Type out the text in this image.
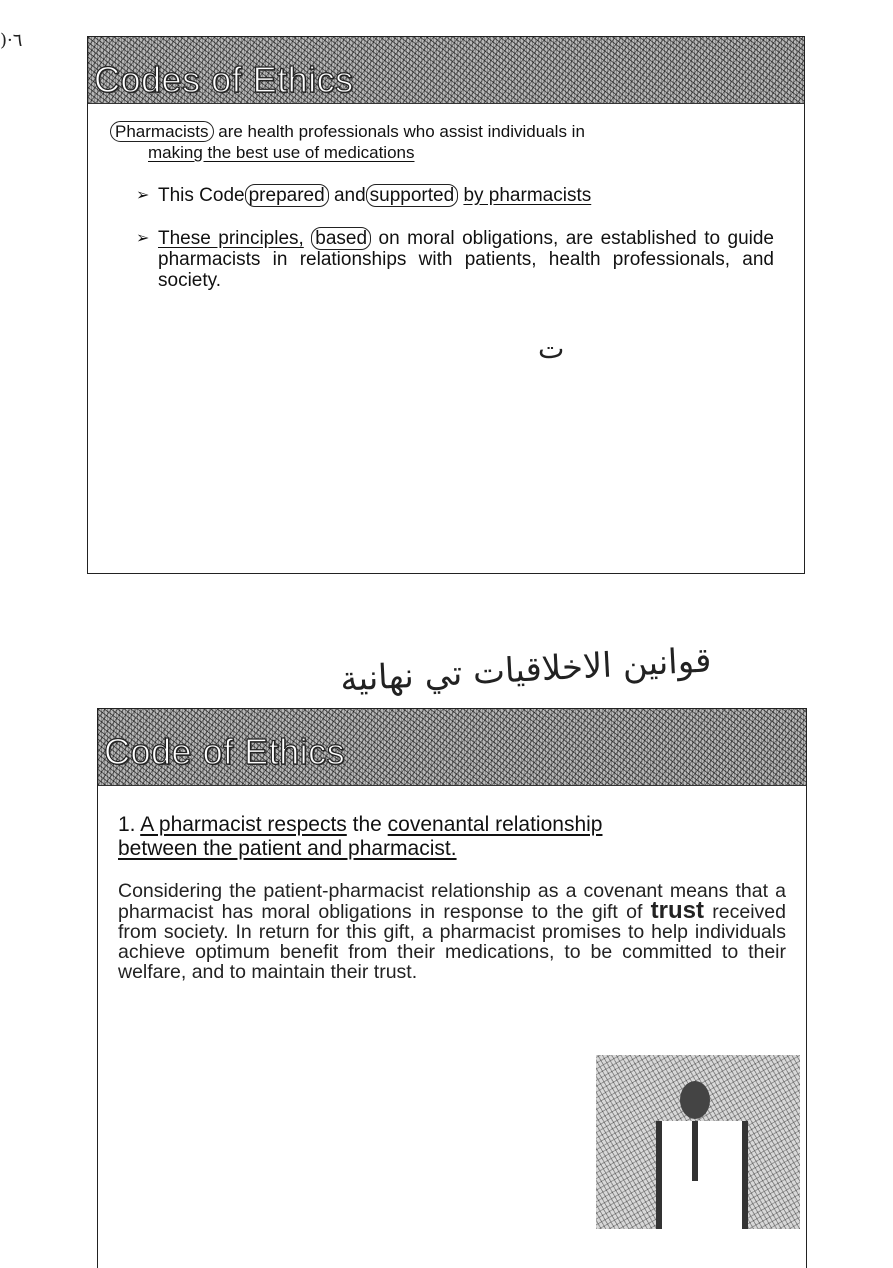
)·٦
Codes of Ethics

Pharmacists are health professionals who assist individuals in
making the best use of medications

➢ This Code prepared and supported by pharmacists
➢ These principles, based on moral obligations, are established to guide pharmacists in relationships with patients, health professionals, and society.
ت
قوانين الاخلاقيات تي نهانية
Code of Ethics
1. A pharmacist respects the covenantal relationship
between the patient and pharmacist.
Considering the patient-pharmacist relationship as a covenant means that a pharmacist has moral obligations in response to the gift of trust received from society. In return for this gift, a pharmacist promises to help individuals achieve optimum benefit from their medications, to be committed to their welfare, and to maintain their trust.
